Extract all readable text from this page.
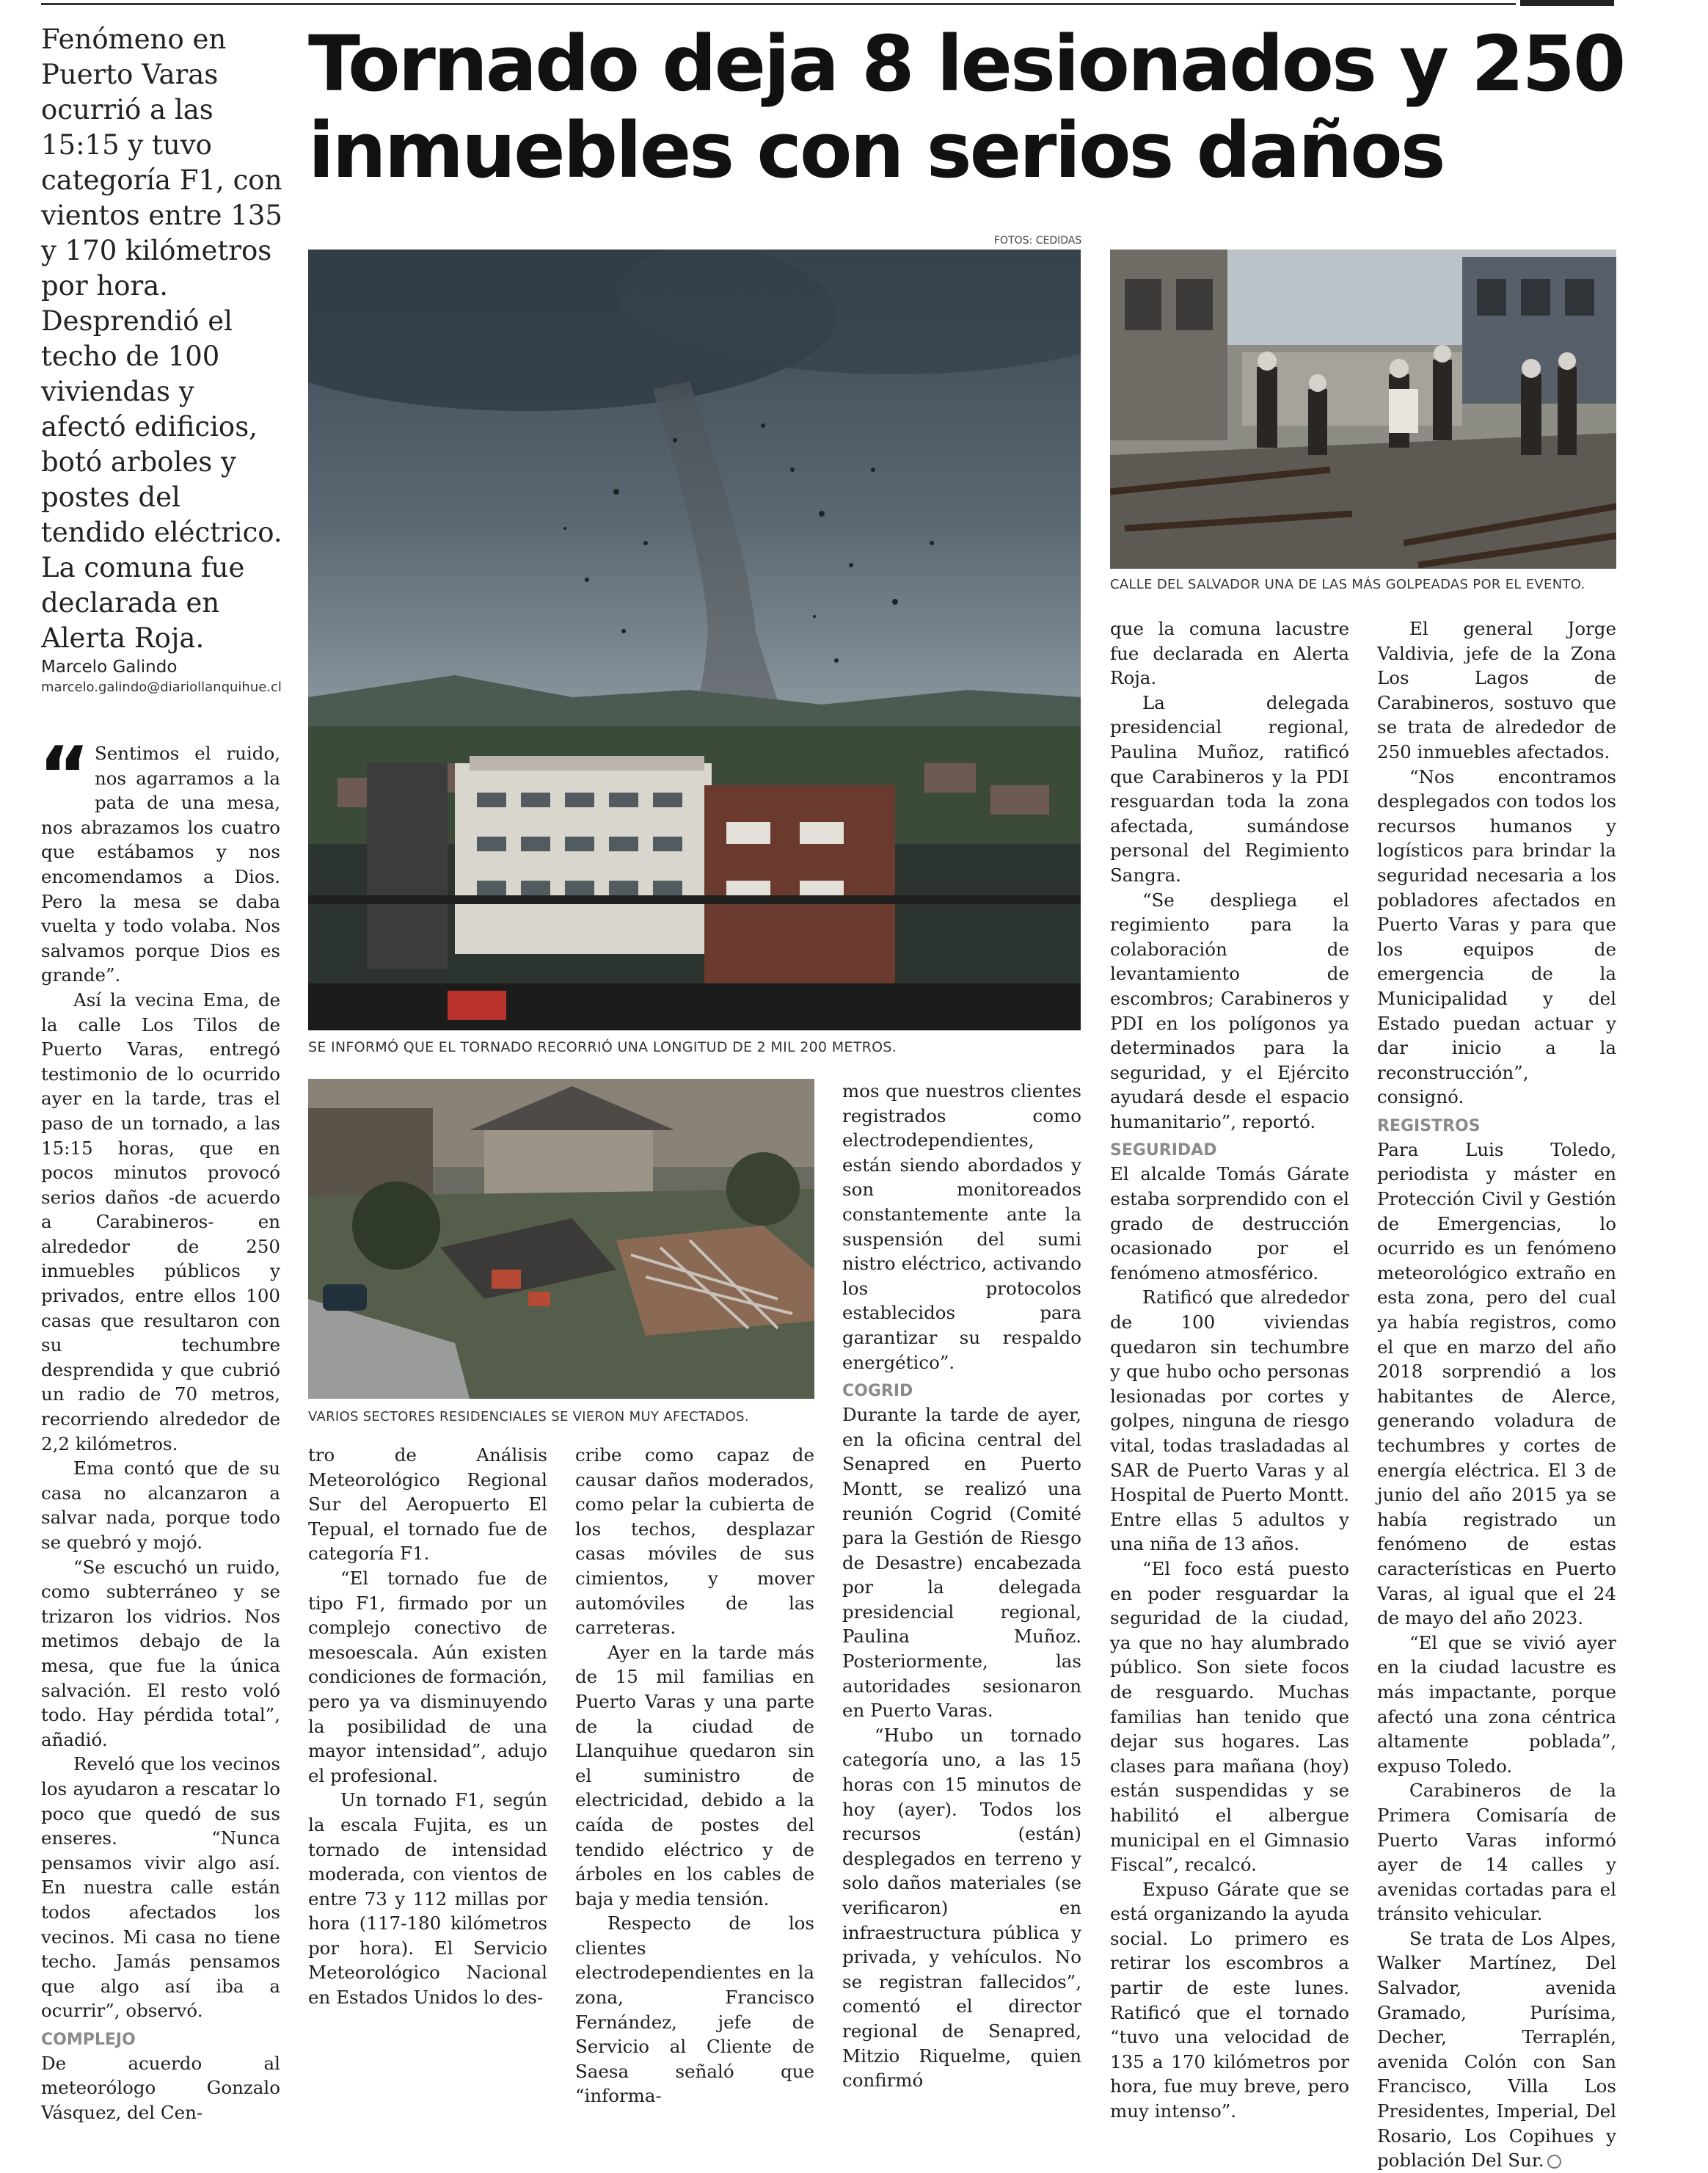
Fenómeno en Puerto Varas ocurrió a las 15:15 y tuvo categoría F1, con vientos entre 135 y 170 kilómetros por hora. Desprendió el techo de 100 viviendas y afectó edificios, botó arboles y postes del tendido eléctrico. La comuna fue declarada en Alerta Roja.
Tornado deja 8 lesionados y 250 inmuebles con serios daños
Marcelo Galindo
marcelo.galindo@diariollanquihue.cl
FOTOS: CEDIDAS
SE INFORMÓ QUE EL TORNADO RECORRIÓ UNA LONGITUD DE 2 MIL 200 METROS.
CALLE DEL SALVADOR UNA DE LAS MÁS GOLPEADAS POR EL EVENTO.
VARIOS SECTORES RESIDENCIALES SE VIERON MUY AFECTADOS.

“ Sentimos el ruido, nos agarramos a la pata de una mesa, nos abrazamos los cuatro que estábamos y nos encomendamos a Dios. Pero la mesa se daba vuelta y todo volaba. Nos salvamos porque Dios es grande”.

Así la vecina Ema, de la calle Los Tilos de Puerto Varas, entregó testimonio de lo ocurrido ayer en la tarde, tras el paso de un tornado, a las 15:15 horas, que en pocos minutos provocó serios daños -de acuerdo a Carabineros- en alrededor de 250 inmuebles públicos y privados, entre ellos 100 casas que resultaron con su techumbre desprendida y que cubrió un radio de 70 metros, recorriendo alrededor de 2,2 kilómetros.

Ema contó que de su casa no alcanzaron a salvar nada, porque todo se quebró y mojó.

“Se escuchó un ruido, como subterráneo y se trizaron los vidrios. Nos metimos debajo de la mesa, que fue la única salvación. El resto voló todo. Hay pérdida total”, añadió.

Reveló que los vecinos los ayudaron a rescatar lo poco que quedó de sus enseres. “Nunca pensamos vivir algo así. En nuestra calle están todos afectados los vecinos. Mi casa no tiene techo. Jamás pensamos que algo así iba a ocurrir”, observó.

COMPLEJO

De acuerdo al meteorólogo Gonzalo Vásquez, del Cen-

tro de Análisis Meteorológico Regional Sur del Aeropuerto El Tepual, el tornado fue de categoría F1.

“El tornado fue de tipo F1, firmado por un complejo conectivo de mesoescala. Aún existen condiciones de formación, pero ya va disminuyendo la posibilidad de una mayor intensidad”, adujo el profesional.

Un tornado F1, según la escala Fujita, es un tornado de intensidad moderada, con vientos de entre 73 y 112 millas por hora (117-180 kilómetros por hora). El Servicio Meteorológico Nacional en Estados Unidos lo des-

cribe como capaz de causar daños moderados, como pelar la cubierta de los techos, desplazar casas móviles de sus cimientos, y mover automóviles de las carreteras.

Ayer en la tarde más de 15 mil familias en Puerto Varas y una parte de la ciudad de Llanquihue quedaron sin el suministro de electricidad, debido a la caída de postes del tendido eléctrico y de árboles en los cables de baja y media tensión.

Respecto de los clientes electrodependientes en la zona, Francisco Fernández, jefe de Servicio al Cliente de Saesa señaló que “informa-

mos que nuestros clientes registrados como electrodependientes, están siendo abordados y son monitoreados constantemente ante la suspensión del sumi nistro eléctrico, activando los protocolos establecidos para garantizar su respaldo energético”.

COGRID

Durante la tarde de ayer, en la oficina central del Senapred en Puerto Montt, se realizó una reunión Cogrid (Comité para la Gestión de Riesgo de Desastre) encabezada por la delegada presidencial regional, Paulina Muñoz. Posteriormente, las autoridades sesionaron en Puerto Varas.

“Hubo un tornado categoría uno, a las 15 horas con 15 minutos de hoy (ayer). Todos los recursos (están) desplegados en terreno y solo daños materiales (se verificaron) en infraestructura pública y privada, y vehículos. No se registran fallecidos”, comentó el director regional de Senapred, Mitzio Riquelme, quien confirmó

que la comuna lacustre fue declarada en Alerta Roja.

La delegada presidencial regional, Paulina Muñoz, ratificó que Carabineros y la PDI resguardan toda la zona afectada, sumándose personal del Regimiento Sangra.

“Se despliega el regimiento para la colaboración de levantamiento de escombros; Carabineros y PDI en los polígonos ya determinados para la seguridad, y el Ejército ayudará desde el espacio humanitario”, reportó.

SEGURIDAD

El alcalde Tomás Gárate estaba sorprendido con el grado de destrucción ocasionado por el fenómeno atmosférico.

Ratificó que alrededor de 100 viviendas quedaron sin techumbre y que hubo ocho personas lesionadas por cortes y golpes, ninguna de riesgo vital, todas trasladadas al SAR de Puerto Varas y al Hospital de Puerto Montt. Entre ellas 5 adultos y una niña de 13 años.

“El foco está puesto en poder resguardar la seguridad de la ciudad, ya que no hay alumbrado público. Son siete focos de resguardo. Muchas familias han tenido que dejar sus hogares. Las clases para mañana (hoy) están suspendidas y se habilitó el albergue municipal en el Gimnasio Fiscal”, recalcó.

Expuso Gárate que se está organizando la ayuda social. Lo primero es retirar los escombros a partir de este lunes. Ratificó que el tornado “tuvo una velocidad de 135 a 170 kilómetros por hora, fue muy breve, pero muy intenso”.

El general Jorge Valdivia, jefe de la Zona Los Lagos de Carabineros, sostuvo que se trata de alrededor de 250 inmuebles afectados.

“Nos encontramos desplegados con todos los recursos humanos y logísticos para brindar la seguridad necesaria a los pobladores afectados en Puerto Varas y para que los equipos de emergencia de la Municipalidad y del Estado puedan actuar y dar inicio a la reconstrucción”, consignó.

REGISTROS

Para Luis Toledo, periodista y máster en Protección Civil y Gestión de Emergencias, lo ocurrido es un fenómeno meteorológico extraño en esta zona, pero del cual ya había registros, como el que en marzo del año 2018 sorprendió a los habitantes de Alerce, generando voladura de techumbres y cortes de energía eléctrica. El 3 de junio del año 2015 ya se había registrado un fenómeno de estas características en Puerto Varas, al igual que el 24 de mayo del año 2023.

“El que se vivió ayer en la ciudad lacustre es más impactante, porque afectó una zona céntrica altamente poblada”, expuso Toledo.

Carabineros de la Primera Comisaría de Puerto Varas informó ayer de 14 calles y avenidas cortadas para el tránsito vehicular.

Se trata de Los Alpes, Walker Martínez, Del Salvador, avenida Gramado, Purísima, Decher, Terraplén, avenida Colón con San Francisco, Villa Los Presidentes, Imperial, Del Rosario, Los Copihues y población Del Sur.
